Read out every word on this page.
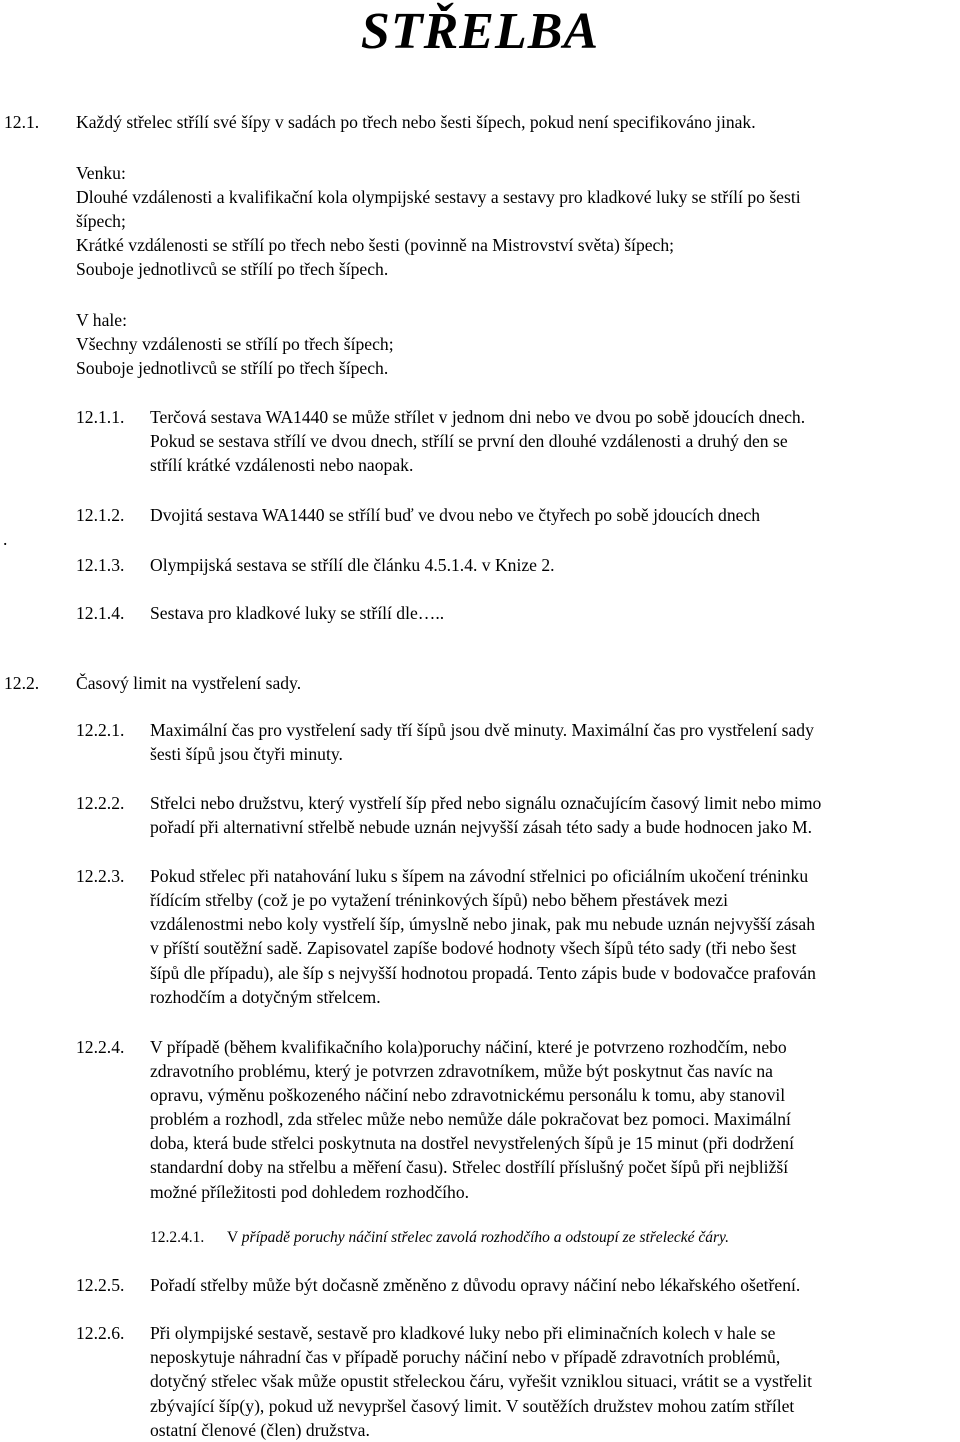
STŘELBA
12.1. Každý střelec střílí své šípy v sadách po třech nebo šesti šípech, pokud není specifikováno jinak.
Venku:
Dlouhé vzdálenosti a kvalifikační kola olympijské sestavy a sestavy pro kladkové luky se střílí po šesti
šípech;
Krátké vzdálenosti se střílí po třech nebo šesti (povinně na Mistrovství světa) šípech;
Souboje jednotlivců se střílí po třech šípech.
V hale:
Všechny vzdálenosti se střílí po třech šípech;
Souboje jednotlivců se střílí po třech šípech.
12.1.1. Terčová sestava WA1440 se může střílet v jednom dni nebo ve dvou po sobě jdoucích dnech.
Pokud se sestava střílí ve dvou dnech, střílí se první den dlouhé vzdálenosti a druhý den se
střílí krátké vzdálenosti nebo naopak.
.
12.1.2. Dvojitá sestava WA1440 se střílí buď ve dvou nebo ve čtyřech po sobě jdoucích dnech
12.1.3. Olympijská sestava se střílí dle článku 4.5.1.4. v Knize 2.
12.1.4. Sestava pro kladkové luky se střílí dle…..
12.2. Časový limit na vystřelení sady.
12.2.1. Maximální čas pro vystřelení sady tří šípů jsou dvě minuty. Maximální čas pro vystřelení sady
šesti šípů jsou čtyři minuty.
12.2.2. Střelci nebo družstvu, který vystřelí šíp před nebo signálu označujícím časový limit nebo mimo
pořadí při alternativní střelbě nebude uznán nejvyšší zásah této sady a bude hodnocen jako M.
12.2.3. Pokud střelec při natahování luku s šípem na závodní střelnici po oficiálním ukočení tréninku
řídícím střelby (což je po vytažení tréninkových šípů) nebo během přestávek mezi
vzdálenostmi nebo koly vystřelí šíp, úmyslně nebo jinak, pak mu nebude uznán nejvyšší zásah
v příští soutěžní sadě. Zapisovatel zapíše bodové hodnoty všech šípů této sady (tři nebo šest
šípů dle případu), ale šíp s nejvyšší hodnotou propadá. Tento zápis bude v bodovačce prafován
rozhodčím a dotyčným střelcem.
12.2.4. V případě (během kvalifikačního kola)poruchy náčiní, které je potvrzeno rozhodčím, nebo
zdravotního problému, který je potvrzen zdravotníkem, může být poskytnut čas navíc na
opravu, výměnu poškozeného náčiní nebo zdravotnickému personálu k tomu, aby stanovil
problém a rozhodl, zda střelec může nebo nemůže dále pokračovat bez pomoci. Maximální
doba, která bude střelci poskytnuta na dostřel nevystřelených šípů je 15 minut (při dodržení
standardní doby na střelbu a měření času). Střelec dostřílí příslušný počet šípů při nejbližší
možné příležitosti pod dohledem rozhodčího.
12.2.4.1. V případě poruchy náčiní střelec zavolá rozhodčího a odstoupí ze střelecké čáry.
12.2.5. Pořadí střelby může být dočasně změněno z důvodu opravy náčiní nebo lékařského ošetření.
12.2.6. Při olympijské sestavě, sestavě pro kladkové luky nebo při eliminačních kolech v hale se
neposkytuje náhradní čas v případě poruchy náčiní nebo v případě zdravotních problémů,
dotyčný střelec však může opustit střeleckou čáru, vyřešit vzniklou situaci, vrátit se a vystřelit
zbývající šíp(y), pokud už nevypršel časový limit. V soutěžích družstev mohou zatím střílet
ostatní členové (člen) družstva.
